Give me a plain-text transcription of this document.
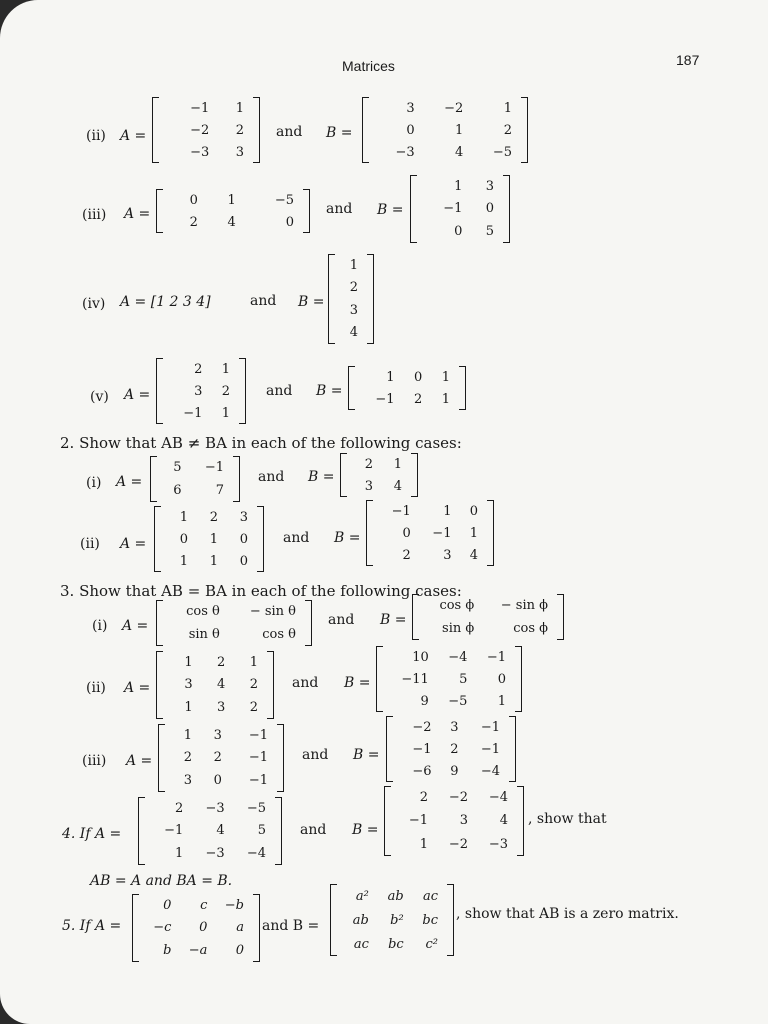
Matrices	187
(ii) A =
−1	1
−2	2
−3	3
and B =
3	−2	1
0	1	2
−3	4	−5
(iii) A =
0	1	−5
2	4	0
and B =
1	3
−1	0
0	5
(iv) A = [1 2 3 4]	and B =
1
2
3
4
(v) A =
2	1
3	2
−1	1
and B =
1	0	1
−1	2	1
2. Show that AB ≠ BA in each of the following cases:
(i) A =
5	−1
6	7
and B =
2	1
3	4
(ii) A =
1	2	3
0	1	0
1	1	0
and B =
−1	1	0
0	−1	1
2	3	4
3. Show that AB = BA in each of the following cases:
(i) A =
cos θ	− sin θ
sin θ	cos θ
and B =
cos ϕ	− sin ϕ
sin ϕ	cos ϕ
(ii) A =
1	2	1
3	4	2
1	3	2
and B =
10	−4	−1
−11	5	0
9	−5	1
(iii) A =
1	3	−1
2	2	−1
3	0	−1
and B =
−2	3	−1
−1	2	−1
−6	9	−4
4. If A =
2	−3	−5
−1	4	5
1	−3	−4
and B =
2	−2	−4
−1	3	4
1	−2	−3
, show that
AB = A and BA = B.
5. If A =
0	c	−b
−c	0	a
b	−a	0
and B =
a²	ab	ac
ab	b²	bc
ac	bc	c²
, show that AB is a zero matrix.
